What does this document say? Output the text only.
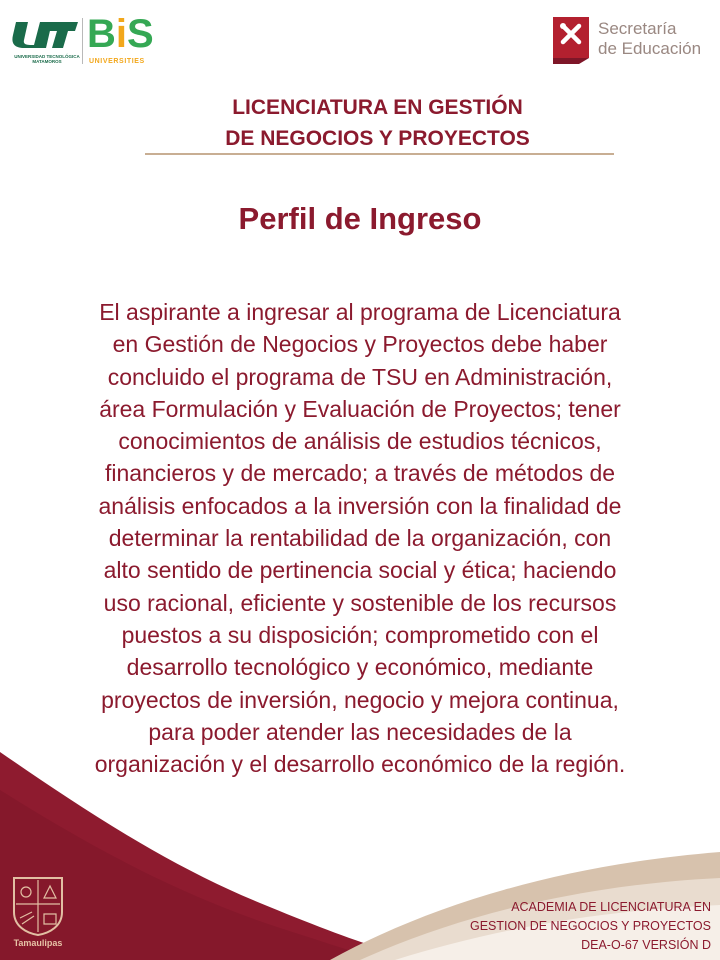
UNIVERSIDAD TECNOLÓGICA
MATAMOROS
BiS
UNIVERSITIES
Secretaría
de Educación
LICENCIATURA EN GESTIÓN
DE NEGOCIOS Y PROYECTOS
Perfil de Ingreso
El aspirante a ingresar al programa de Licenciatura
en Gestión de Negocios y Proyectos debe haber
concluido el programa de TSU en Administración,
área Formulación y Evaluación de Proyectos; tener
conocimientos de análisis de estudios técnicos,
financieros y de mercado; a través de métodos de
análisis enfocados a la inversión con la finalidad de
determinar la rentabilidad de la organización, con
alto sentido de pertinencia social y ética; haciendo
uso racional, eficiente y sostenible de los recursos
puestos a su disposición; comprometido con el
desarrollo tecnológico y económico, mediante
proyectos de inversión, negocio y mejora continua,
para poder atender las necesidades de la
organización y el desarrollo económico de la región.
Tamaulipas
ACADEMIA DE LICENCIATURA EN
GESTION DE NEGOCIOS Y PROYECTOS
DEA-O-67 VERSIÓN D
